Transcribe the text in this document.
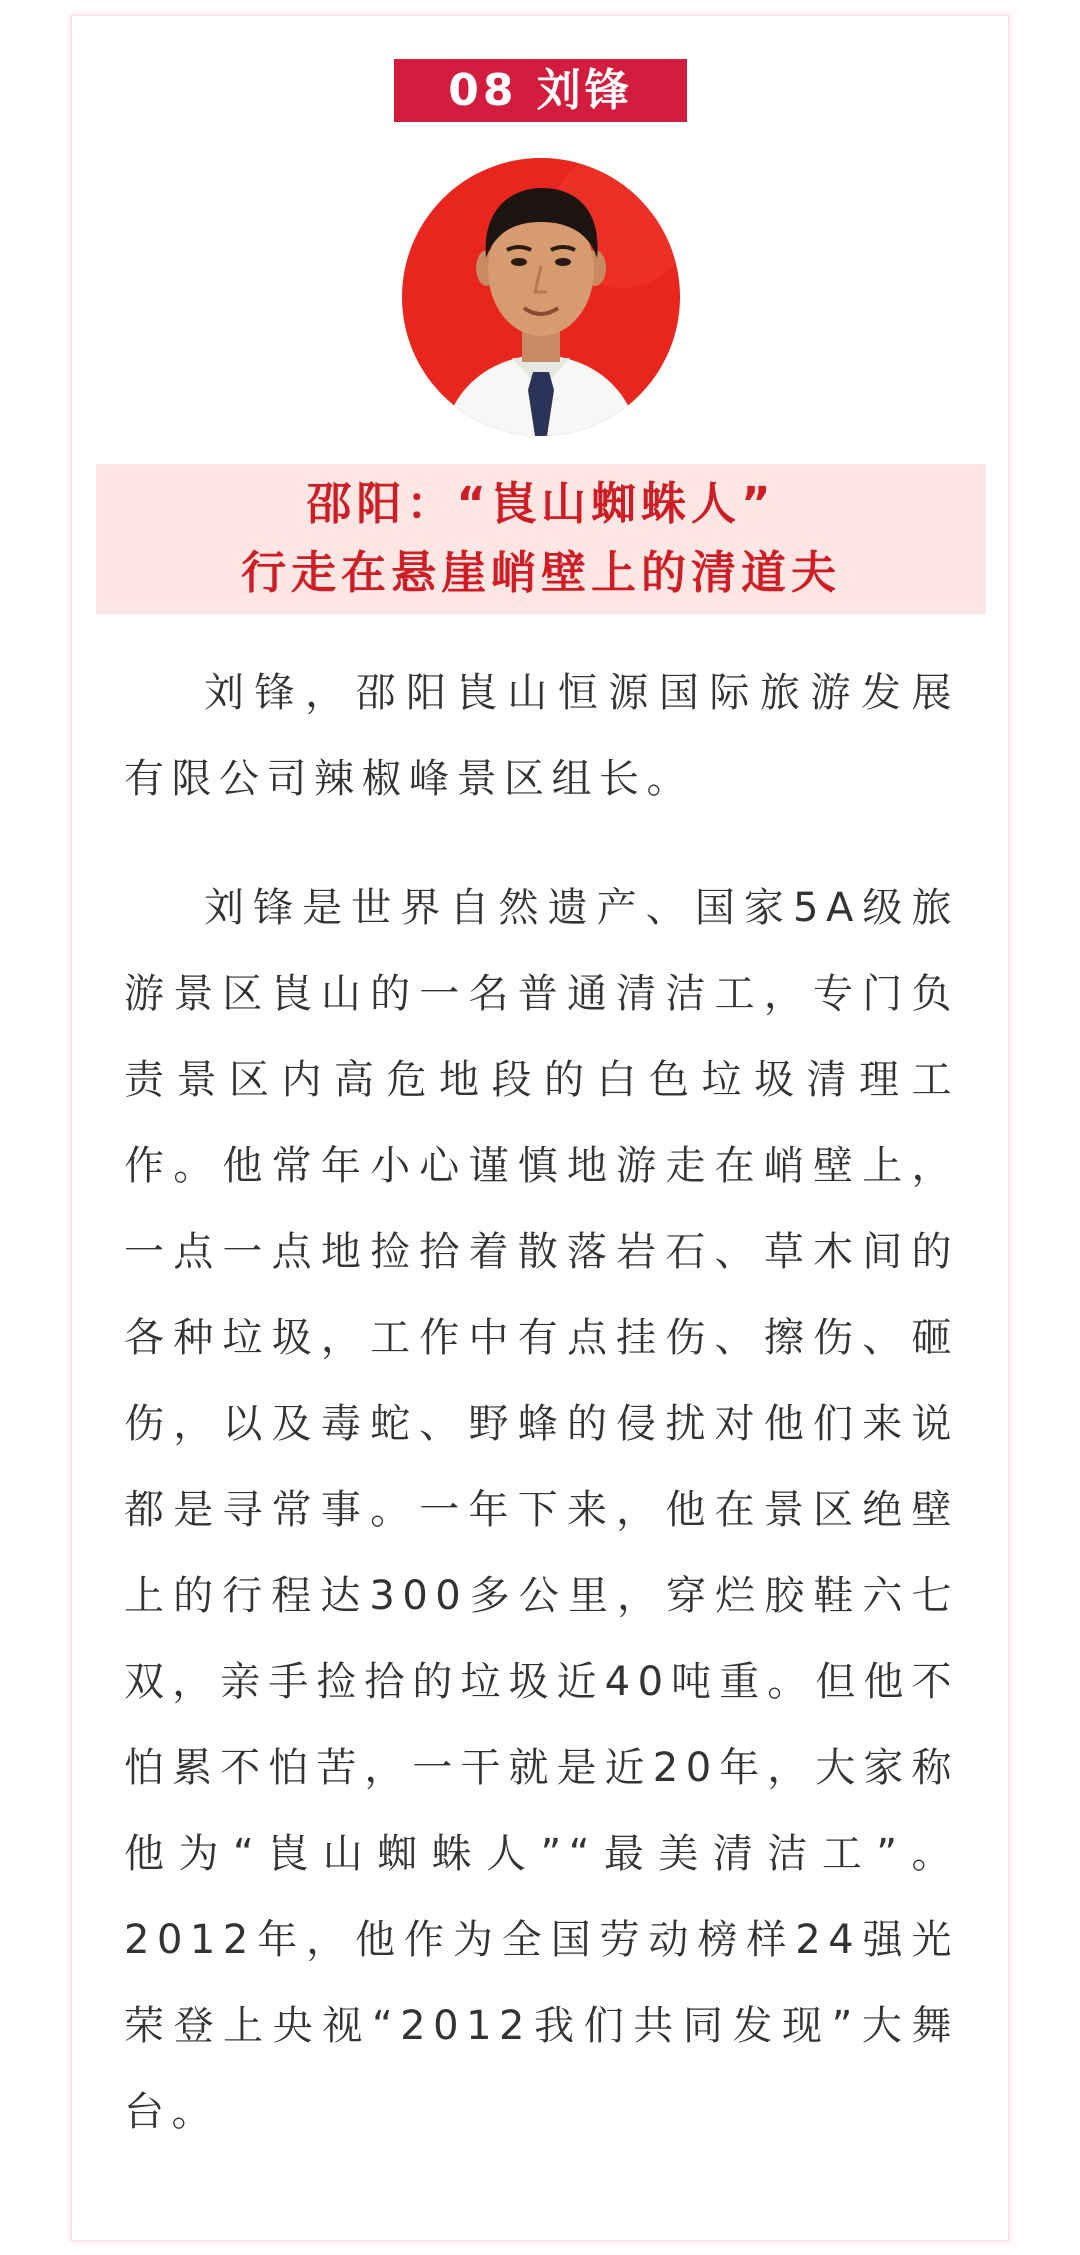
08 刘锋
邵阳：“崀山蜘蛛人”
行走在悬崖峭壁上的清道夫

刘锋，邵阳崀山恒源国际旅游发展有限公司辣椒峰景区组长。

刘锋是世界自然遗产、国家5A级旅游景区崀山的一名普通清洁工，专门负责景区内高危地段的白色垃圾清理工作。他常年小心谨慎地游走在峭壁上，一点一点地捡拾着散落岩石、草木间的各种垃圾，工作中有点挂伤、擦伤、砸伤，以及毒蛇、野蜂的侵扰对他们来说都是寻常事。一年下来，他在景区绝壁上的行程达300多公里，穿烂胶鞋六七双，亲手捡拾的垃圾近40吨重。但他不怕累不怕苦，一干就是近20年，大家称他为“崀山蜘蛛人”“最美清洁工”。2012年，他作为全国劳动榜样24强光荣登上央视“2012我们共同发现”大舞台。
